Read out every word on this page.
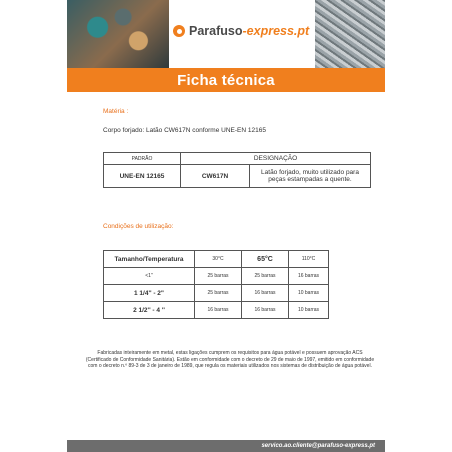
Parafuso-express.pt
Ficha técnica
Matéria :
Corpo forjado: Latão CW617N conforme UNE-EN 12165
PADRÃO	DESIGNAÇÃO	
UNE-EN 12165	CW617N	Latão forjado, muito utilizado para peças estampadas a quente.
Condições de utilização:
Tamanho/Temperatura	30°C	65°C	110°C
<1"	25 barras	25 barras	16 barras
1 1/4'' - 2"	25 barras	16 barras	10 barras
2 1/2'' - 4 ''	16 barras	16 barras	10 barras
Fabricadas inteiramente em metal, estas ligações cumprem os requisitos para água potável e possuem aprovação ACS (Certificado de Conformidade Sanitária). Estão em conformidade com o decreto de 29 de maio de 1997, emitido em conformidade com o decreto n.º 89-3 de 3 de janeiro de 1989, que regula os materiais utilizados nos sistemas de distribuição de água potável.
servico.ao.cliente@parafuso-express.pt
